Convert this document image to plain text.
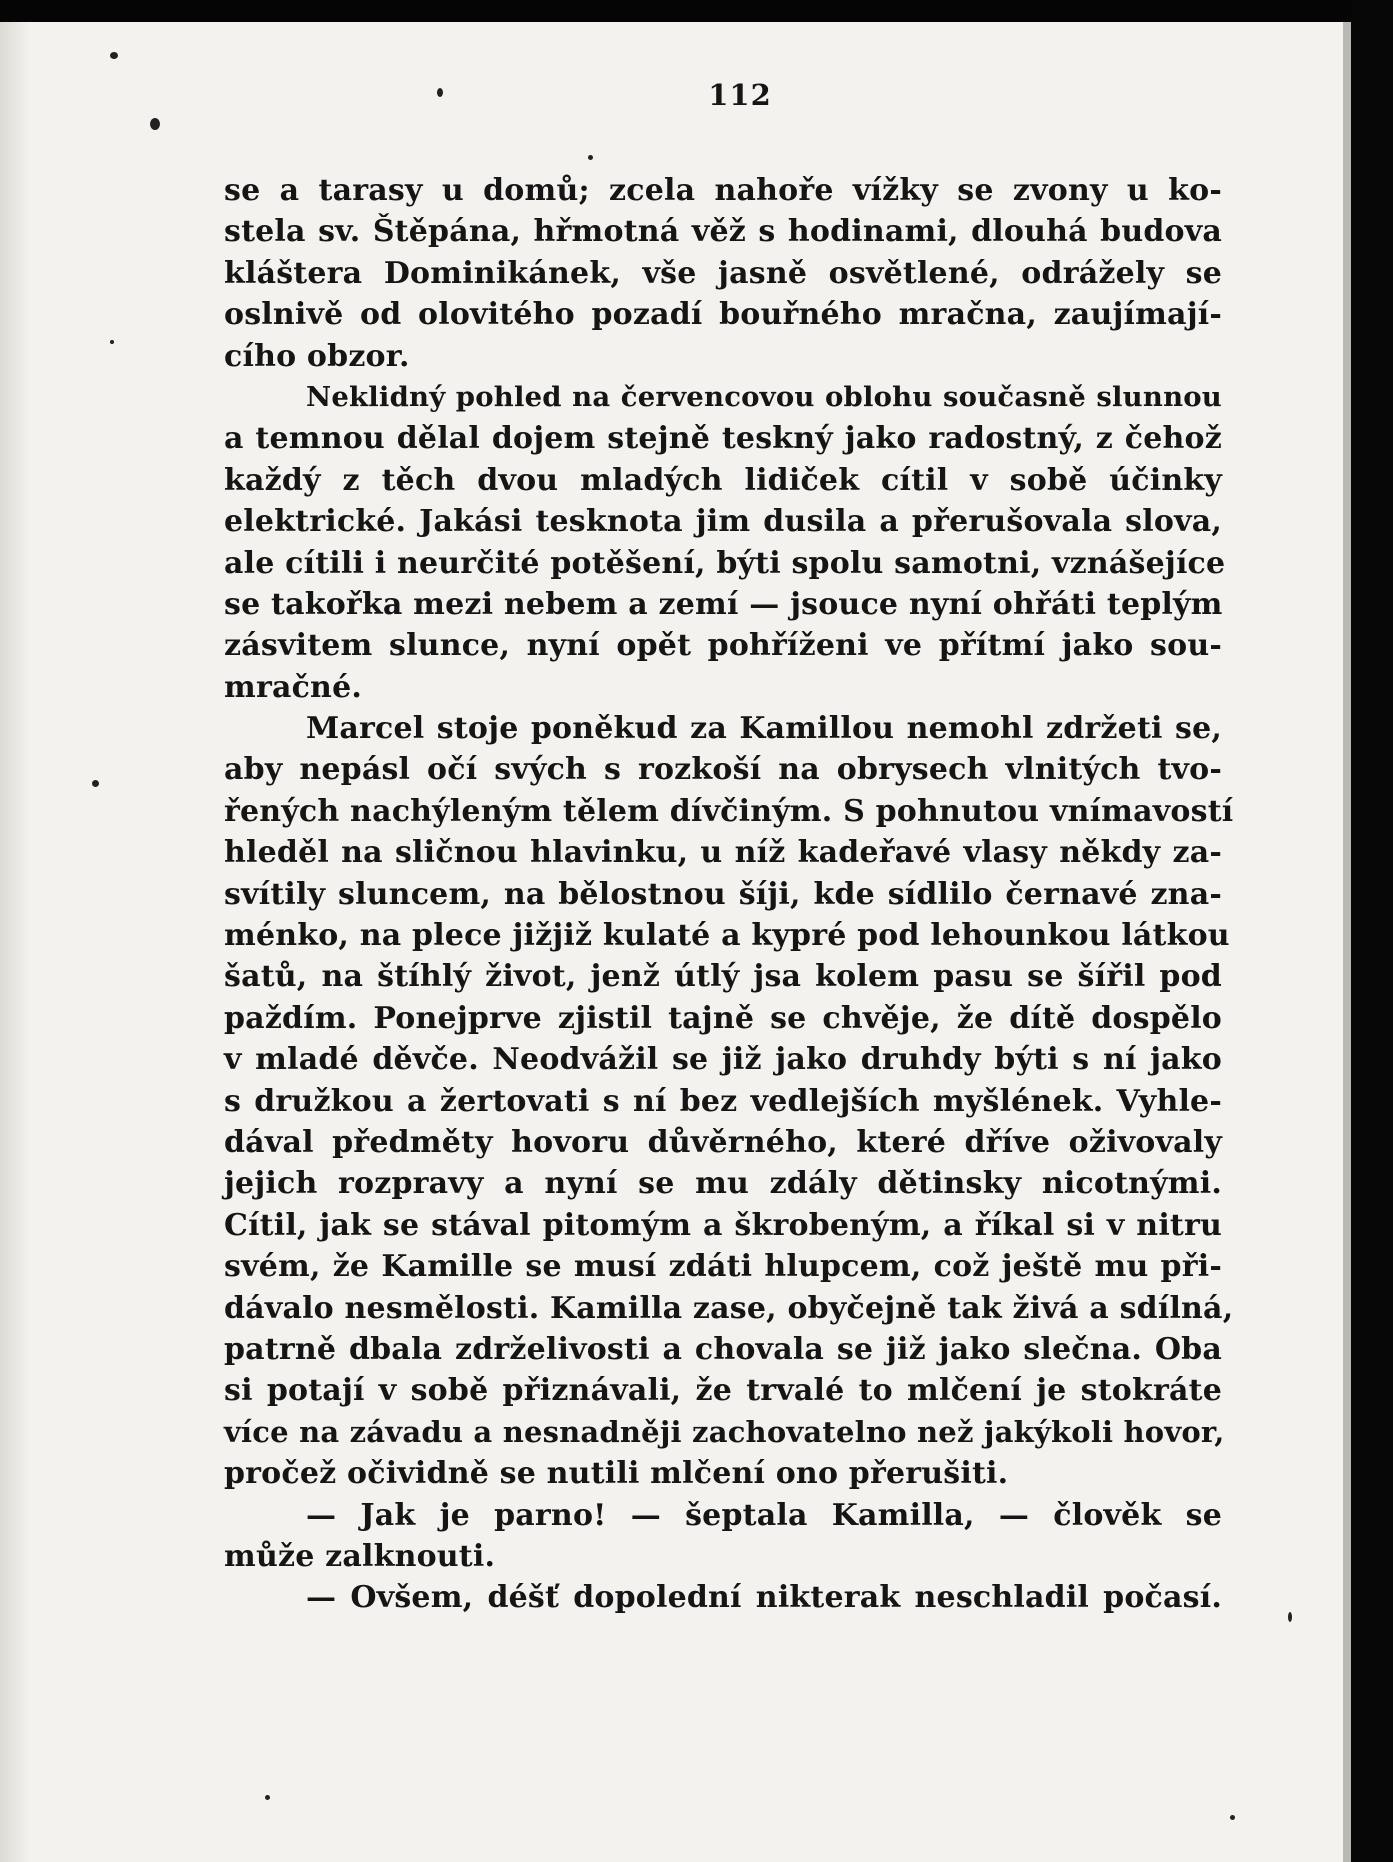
112
se a tarasy u domů; zcela nahoře vížky se zvony u ko-
stela sv. Štěpána, hřmotná věž s hodinami, dlouhá budova
kláštera Dominikánek, vše jasně osvětlené, odrážely se
oslnivě od olovitého pozadí bouřného mračna, zaujímají-
cího obzor.
Neklidný pohled na červencovou oblohu současně slunnou
a temnou dělal dojem stejně teskný jako radostný, z čehož
každý z těch dvou mladých lidiček cítil v sobě účinky
elektrické. Jakási tesknota jim dusila a přerušovala slova,
ale cítili i neurčité potěšení, býti spolu samotni, vznášejíce
se takořka mezi nebem a zemí — jsouce nyní ohřáti teplým
zásvitem slunce, nyní opět pohříženi ve přítmí jako sou-
mračné.
Marcel stoje poněkud za Kamillou nemohl zdržeti se,
aby nepásl očí svých s rozkoší na obrysech vlnitých tvo-
řených nachýleným tělem dívčiným. S pohnutou vnímavostí
hleděl na sličnou hlavinku, u níž kadeřavé vlasy někdy za-
svítily sluncem, na bělostnou šíji, kde sídlilo černavé zna-
ménko, na plece jižjiž kulaté a kypré pod lehounkou látkou
šatů, na štíhlý život, jenž útlý jsa kolem pasu se šířil pod
paždím. Ponejprve zjistil tajně se chvěje, že dítě dospělo
v mladé děvče. Neodvážil se již jako druhdy býti s ní jako
s družkou a žertovati s ní bez vedlejších myšlének. Vyhle-
dával předměty hovoru důvěrného, které dříve oživovaly
jejich rozpravy a nyní se mu zdály dětinsky nicotnými.
Cítil, jak se stával pitomým a škrobeným, a říkal si v nitru
svém, že Kamille se musí zdáti hlupcem, což ještě mu při-
dávalo nesmělosti. Kamilla zase, obyčejně tak živá a sdílná,
patrně dbala zdrželivosti a chovala se již jako slečna. Oba
si potají v sobě přiznávali, že trvalé to mlčení je stokráte
více na závadu a nesnadněji zachovatelno než jakýkoli hovor,
pročež očividně se nutili mlčení ono přerušiti.
— Jak je parno! — šeptala Kamilla, — člověk se
může zalknouti.
— Ovšem, déšť dopolední nikterak neschladil počasí.
